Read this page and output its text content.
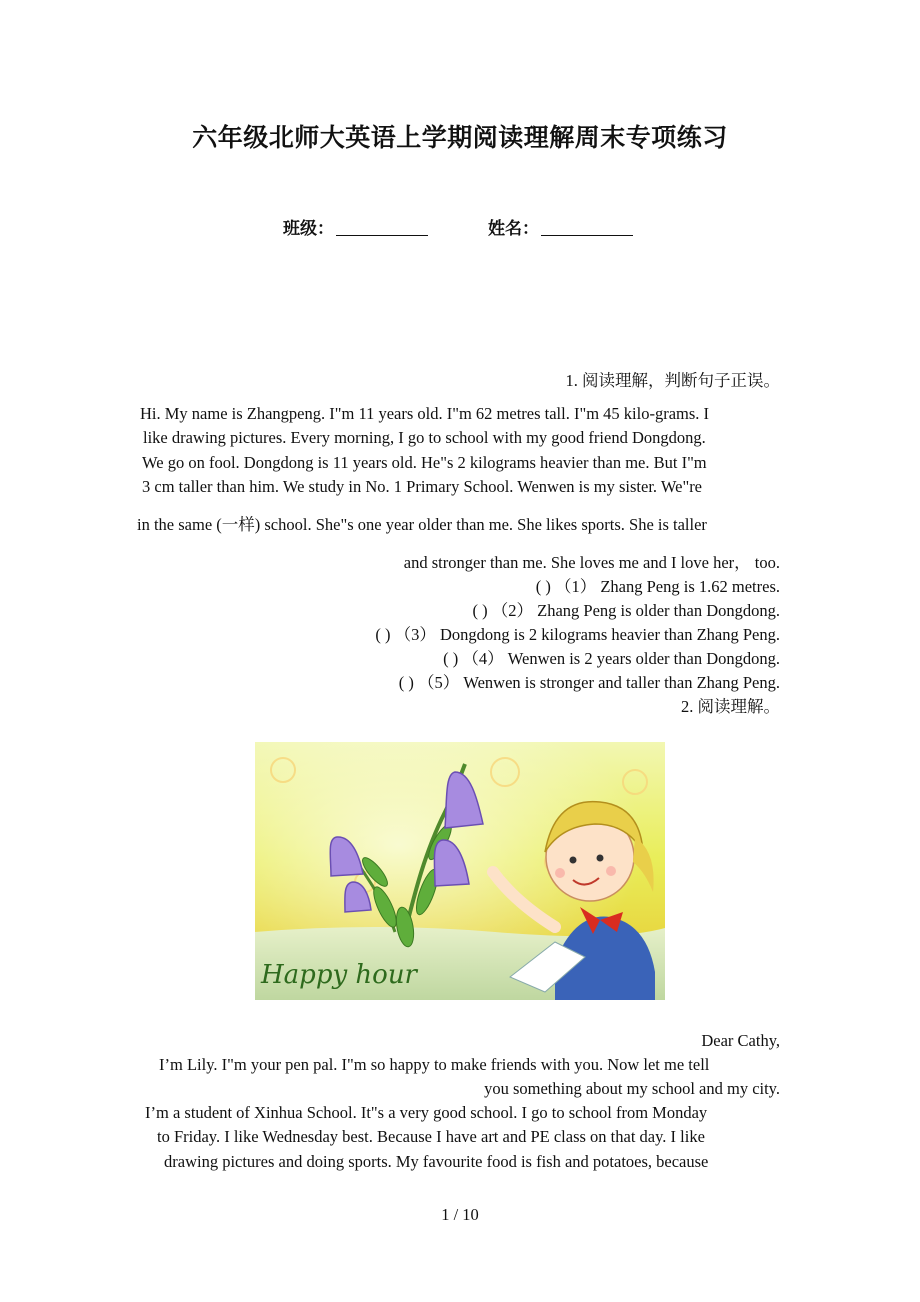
六年级北师大英语上学期阅读理解周末专项练习
班级：	姓名：
1. 阅读理解，判断句子正误。
Hi. My name is Zhangpeng. I"m 11 years old. I"m 62 metres tall. I"m 45 kilo-grams. I
like drawing pictures. Every morning, I go to school with my good friend Dongdong.
We go on fool. Dongdong is 11 years old. He"s 2 kilograms heavier than me. But I"m
3 cm taller than him. We study in No. 1 Primary School. Wenwen is my sister. We"re
in the same (一样) school. She"s one year older than me. She likes sports. She is taller
and stronger than me. She loves me and I love her， too.
( ) （1） Zhang Peng is 1.62 metres.
( ) （2） Zhang Peng is older than Dongdong.
( ) （3） Dongdong is 2 kilograms heavier than Zhang Peng.
( ) （4） Wenwen is 2 years older than Dongdong.
( ) （5） Wenwen is stronger and taller than Zhang Peng.
2. 阅读理解。
Happy hour
Dear Cathy,
I’m Lily. I"m your pen pal. I"m so happy to make friends with you. Now let me tell
you something about my school and my city.
I’m a student of Xinhua School. It"s a very good school. I go to school from Monday
to Friday. I like Wednesday best. Because I have art and PE class on that day. I like
drawing pictures and doing sports. My favourite food is fish and potatoes, because
1 / 10
